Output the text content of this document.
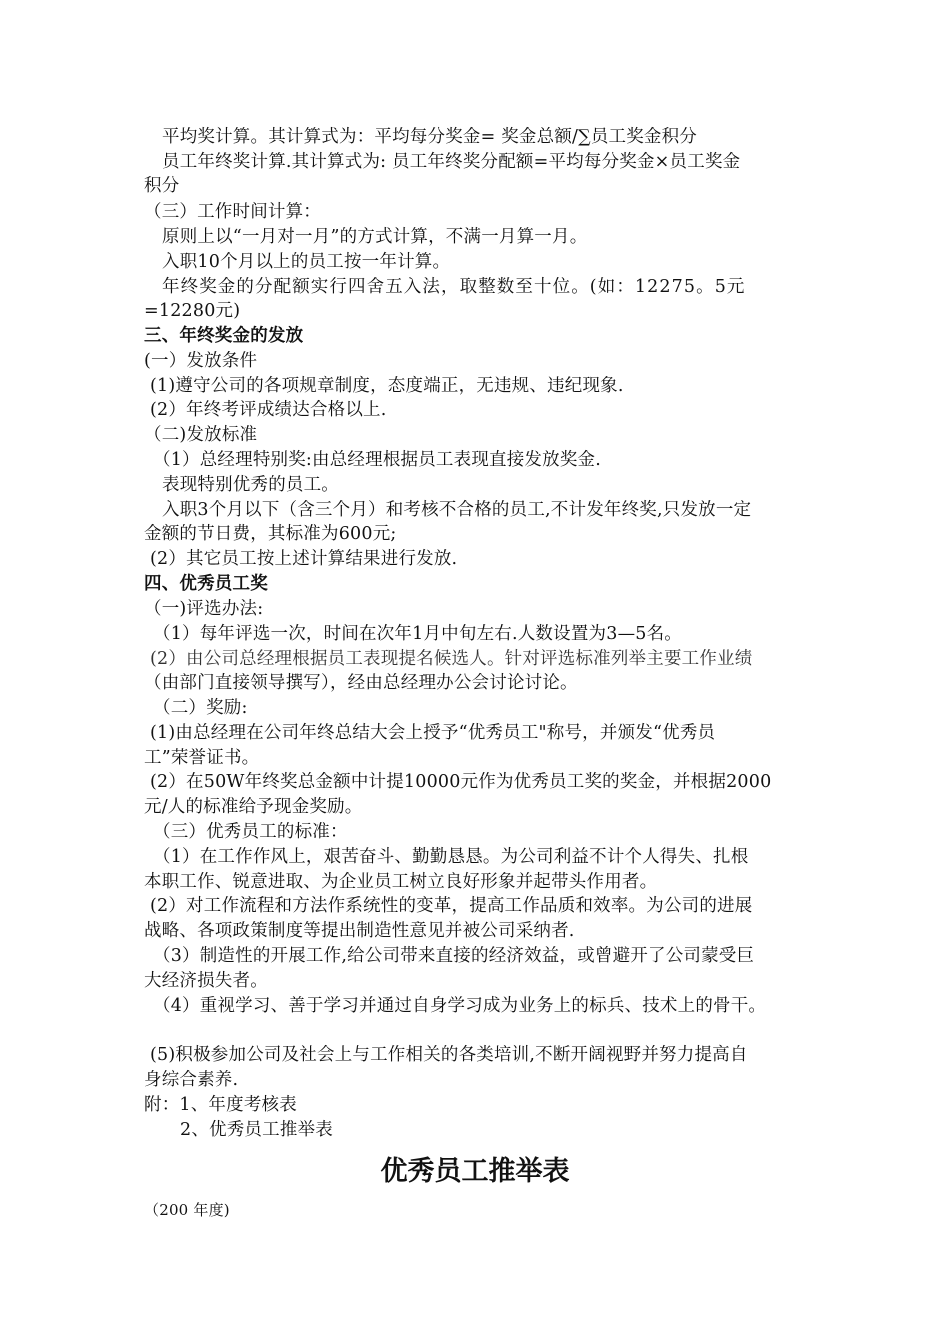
平均奖计算。其计算式为：平均每分奖金= 奖金总额/∑员工奖金积分
员工年终奖计算.其计算式为: 员工年终奖分配额=平均每分奖金×员工奖金
积分
（三）工作时间计算：
原则上以“一月对一月”的方式计算，不满一月算一月。
入职10个月以上的员工按一年计算。
年终奖金的分配额实行四舍五入法，取整数至十位。(如：12275。5元
=12280元)
三、年终奖金的发放
(一）发放条件
(1)遵守公司的各项规章制度，态度端正，无违规、违纪现象.
(2）年终考评成绩达合格以上.
（二)发放标准
（1）总经理特别奖:由总经理根据员工表现直接发放奖金.
表现特别优秀的员工。
入职3个月以下（含三个月）和考核不合格的员工,不计发年终奖,只发放一定
金额的节日费，其标准为600元;
(2）其它员工按上述计算结果进行发放.
四、优秀员工奖
（一)评选办法:
（1）每年评选一次，时间在次年1月中旬左右.人数设置为3—5名。
(2）由公司总经理根据员工表现提名候选人。针对评选标准列举主要工作业绩
（由部门直接领导撰写），经由总经理办公会讨论讨论。
（二）奖励:
(1)由总经理在公司年终总结大会上授予“优秀员工"称号，并颁发“优秀员
工”荣誉证书。
(2）在50W年终奖总金额中计提10000元作为优秀员工奖的奖金，并根据2000
元/人的标准给予现金奖励。
（三）优秀员工的标准：
（1）在工作作风上，艰苦奋斗、勤勤恳恳。为公司利益不计个人得失、扎根
本职工作、锐意进取、为企业员工树立良好形象并起带头作用者。
(2）对工作流程和方法作系统性的变革，提高工作品质和效率。为公司的进展
战略、各项政策制度等提出制造性意见并被公司采纳者.
（3）制造性的开展工作,给公司带来直接的经济效益，或曾避开了公司蒙受巨
大经济损失者。
（4）重视学习、善于学习并通过自身学习成为业务上的标兵、技术上的骨干。
(5)积极参加公司及社会上与工作相关的各类培训,不断开阔视野并努力提高自
身综合素养.
附：1、年度考核表
2、优秀员工推举表
优秀员工推举表
（200 年度)
